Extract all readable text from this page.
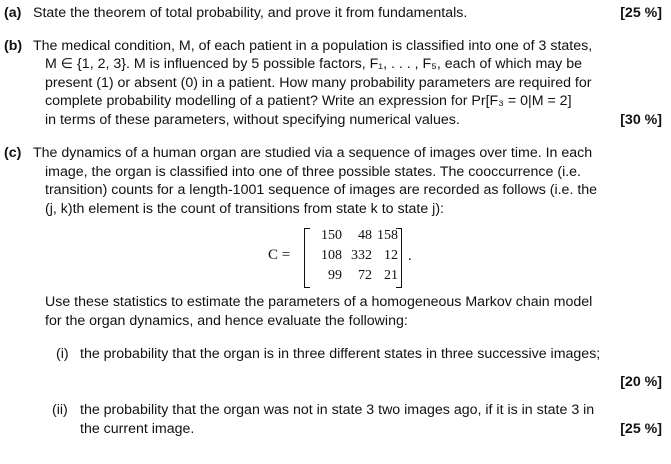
(a) State the theorem of total probability, and prove it from fundamentals.	[25 %]
(b) The medical condition, M, of each patient in a population is classified into one of 3 states,
M ∈ {1, 2, 3}. M is influenced by 5 possible factors, F₁, . . . , F₅, each of which may be
present (1) or absent (0) in a patient. How many probability parameters are required for
complete probability modelling of a patient? Write an expression for Pr[F₃ = 0|M = 2]
in terms of these parameters, without specifying numerical values.	[30 %]
(c) The dynamics of a human organ are studied via a sequence of images over time. In each
image, the organ is classified into one of three possible states. The cooccurrence (i.e.
transition) counts for a length-1001 sequence of images are recorded as follows (i.e. the
(j, k)th element is the count of transitions from state k to state j):
C =
150	48 158
108 332 12
99	72 21
.
Use these statistics to estimate the parameters of a homogeneous Markov chain model
for the organ dynamics, and hence evaluate the following:
(i) the probability that the organ is in three different states in three successive images;
[20 %]
(ii) the probability that the organ was not in state 3 two images ago, if it is in state 3 in
the current image.	[25 %]
